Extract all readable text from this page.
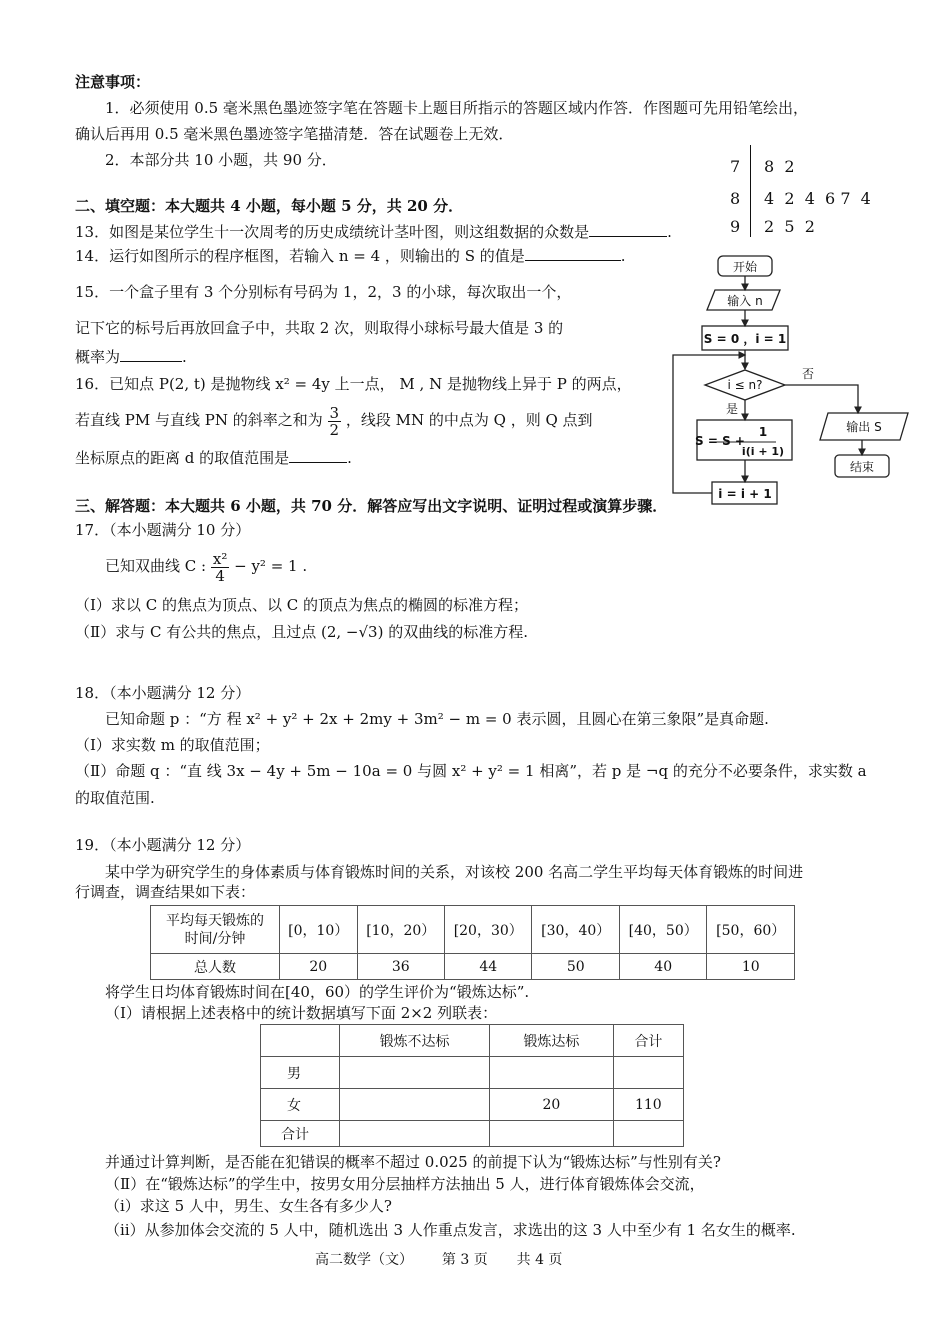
注意事项：
1．必须使用 0.5 毫米黑色墨迹签字笔在答题卡上题目所指示的答题区域内作答．作图题可先用铅笔绘出，
确认后再用 0.5 毫米黑色墨迹签字笔描清楚．答在试题卷上无效．
2．本部分共 10 小题，共 90 分．	7 8  2
8 4  2  4  6 7  4
9 2  5  2
二、填空题：本大题共 4 小题，每小题 5 分，共 20 分．
13．如图是某位学生十一次周考的历史成绩统计茎叶图，则这组数据的众数是	.
14．运行如图所示的程序框图，若输入 n = 4 ，则输出的 S 的值是	.
15．一个盒子里有 3 个分别标有号码为 1，2，3 的小球，每次取出一个，
记下它的标号后再放回盒子中，共取 2 次，则取得小球标号最大值是 3 的
概率为	.
16．已知点 P(2, t) 是抛物线 x² = 4y 上一点， M , N 是抛物线上异于 P 的两点，
若直线 PM 与直线 PN 的斜率之和为 $\frac{3}{2}$ ，线段 MN 的中点为 Q ，则 Q 点到
坐标原点的距离 d 的取值范围是	.
开始
输入 n
S = 0 ，i = 1
i ≤ n?
否
是
S = S +
1
i(i + 1)
输出 S
结束
i = i + 1
三、解答题：本大题共 6 小题，共 70 分．解答应写出文字说明、证明过程或演算步骤．
17．（本小题满分 10 分）
已知双曲线 C : $\frac{\text{x²}}{4} - y^2 = 1$ .
（Ⅰ）求以 C 的焦点为顶点、以 C 的顶点为焦点的椭圆的标准方程；
（Ⅱ）求与 C 有公共的焦点，且过点 (2, −√3) 的双曲线的标准方程.
18．（本小题满分 12 分）
已知命题 p ：“方 程 x² + y² + 2x + 2my + 3m² − m = 0 表示圆，且圆心在第三象限”是真命题.
（Ⅰ）求实数 m 的取值范围；
（Ⅱ）命题 q ：“直 线 3x − 4y + 5m − 10a = 0 与圆 x² + y² = 1 相离”，若 p 是 ¬q 的充分不必要条件，求实数 a
的取值范围.
19．（本小题满分 12 分）
某中学为研究学生的身体素质与体育锻炼时间的关系，对该校 200 名高二学生平均每天体育锻炼的时间进
行调查，调查结果如下表：
平均每天锻炼的
时间/分钟	[0，10）	[10，20）	[20，30）	[30，40）	[40，50）	[50，60）
总人数	20	36	44	50	40	10
将学生日均体育锻炼时间在[40，60）的学生评价为“锻炼达标”.
（Ⅰ）请根据上述表格中的统计数据填写下面 2×2 列联表：
	锻炼不达标	锻炼达标	合计
男			
女		20	110
合计			
并通过计算判断，是否能在犯错误的概率不超过 0.025 的前提下认为“锻炼达标”与性别有关?
（Ⅱ）在“锻炼达标”的学生中，按男女用分层抽样方法抽出 5 人，进行体育锻炼体会交流，
（ⅰ）求这 5 人中，男生、女生各有多少人?
（ⅱ）从参加体会交流的 5 人中，随机选出 3 人作重点发言，求选出的这 3 人中至少有 1 名女生的概率.
高二数学（文） 第 3 页 共 4 页
